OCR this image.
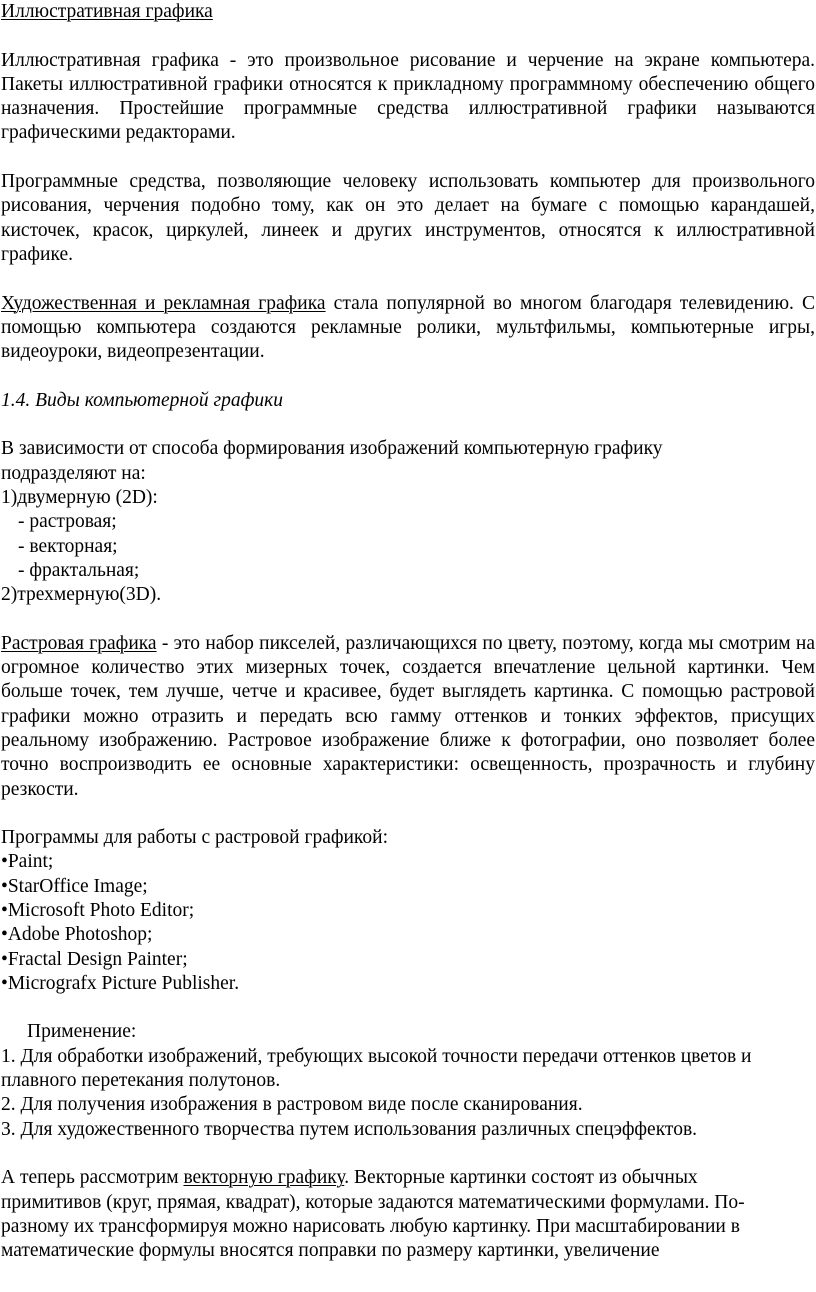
Иллюстративная графика

Иллюстративная графика - это произвольное рисование и черчение на экране компьютера. Пакеты иллюстративной графики относятся к прикладному программному обеспечению общего назначения. Простейшие программные средства иллюстративной графики называются графическими редакторами.

Программные средства, позволяющие человеку использовать компьютер для произвольного рисования, черчения подобно тому, как он это делает на бумаге с помощью карандашей, кисточек, красок, циркулей, линеек и других инструментов, относятся к иллюстративной графике.

Художественная и рекламная графика стала популярной во многом благодаря телевидению. С помощью компьютера создаются рекламные ролики, мультфильмы, компьютерные игры, видеоуроки, видеопрезентации.

1.4. Виды компьютерной графики

В зависимости от способа формирования изображений компьютерную графику
подразделяют на:
1)двумерную (2D):
- растровая;
- векторная;
- фрактальная;
2)трехмерную(3D).

Растровая графика - это набор пикселей, различающихся по цвету, поэтому, когда мы смотрим на огромное количество этих мизерных точек, создается впечатление цельной картинки. Чем больше точек, тем лучше, четче и красивее, будет выглядеть картинка. С помощью растровой графики можно отразить и передать всю гамму оттенков и тонких эффектов, присущих реальному изображению. Растровое изображение ближе к фотографии, оно позволяет более точно воспроизводить ее основные характеристики: освещенность, прозрачность и глубину резкости.

Программы для работы с растровой графикой:
•Paint;
•StarOffice Image;
•Microsoft Photo Editor;
•Adobe Photoshop;
•Fractal Design Painter;
•Micrografx Picture Publisher.
Применение:
1. Для обработки изображений, требующих высокой точности передачи оттенков цветов и
плавного перетекания полутонов.
2. Для получения изображения в растровом виде после сканирования.
3. Для художественного творчества путем использования различных спецэффектов.
А теперь рассмотрим векторную графику. Векторные картинки состоят из обычных
примитивов (круг, прямая, квадрат), которые задаются математическими формулами. По-
разному их трансформируя можно нарисовать любую картинку. При масштабировании в
математические формулы вносятся поправки по размеру картинки, увеличение
